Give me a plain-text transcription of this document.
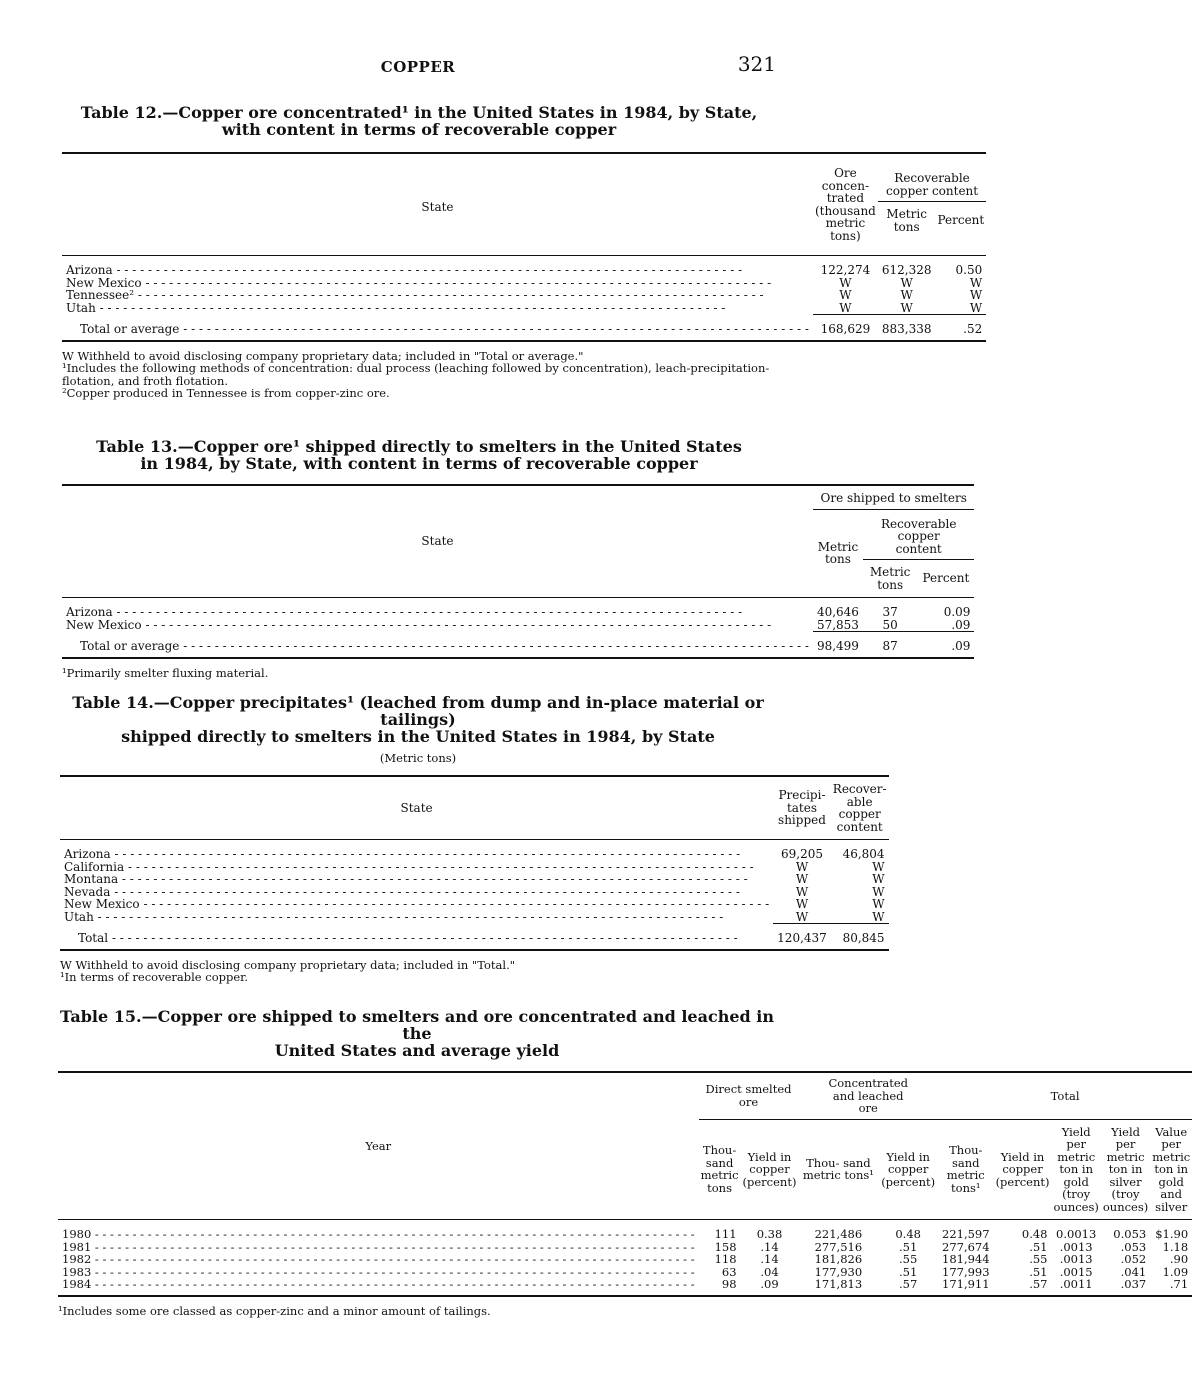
COPPER	321
Table 12.—Copper ore concentrated¹ in the United States in 1984, by State,
with content in terms of recoverable copper
State	Ore concen- trated (thousand metric tons)	Recoverable copper content	
		Metric tons	Percent

Arizona - - -	122,274	612,328	0.50

New Mexico - - -	W	W	W

Tennessee² - - -	W	W	W

Utah - - -	W	W	W

Total or average - - -	168,629	883,338	.52

W Withheld to avoid disclosing company proprietary data; included in "Total or average."

¹Includes the following methods of concentration: dual process (leaching followed by concentration), leach-precipitation-flotation, and froth flotation.

²Copper produced in Tennessee is from copper-zinc ore.

Table 13.—Copper ore¹ shipped directly to smelters in the United States
in 1984, by State, with content in terms of recoverable copper
State	Ore shipped to smelters		
	Metric tons	Recoverable copper content	
		Metric tons	Percent

Arizona - - -	40,646	37	0.09

New Mexico - - -	57,853	50	.09

Total or average - - -	98,499	87	.09

¹Primarily smelter fluxing material.

Table 14.—Copper precipitates¹ (leached from dump and in-place material or tailings)
shipped directly to smelters in the United States in 1984, by State
(Metric tons)
State	Precipi- tates shipped	Recover- able copper content

Arizona - - -	69,205	46,804

California - - -	W	W

Montana - - -	W	W

Nevada - - -	W	W

New Mexico - - -	W	W

Utah - - -	W	W

Total - - -	120,437	80,845

W Withheld to avoid disclosing company proprietary data; included in "Total."

¹In terms of recoverable copper.

Table 15.—Copper ore shipped to smelters and ore concentrated and leached in the
United States and average yield
Year	Direct smelted ore		Concentrated and leached ore		Total				
	Thou- sand metric tons	Yield in copper (percent)	Thou- sand metric tons¹	Yield in copper (percent)	Thou- sand metric tons¹	Yield in copper (percent)	Yield per metric ton in gold (troy ounces)	Yield per metric ton in silver (troy ounces)	Value per metric ton in gold and silver

1980 - - -	111	0.38	221,486	0.48	221,597	0.48	0.0013	0.053	$1.90

1981 - - -	158	.14	277,516	.51	277,674	.51	.0013	.053	1.18

1982 - - -	118	.14	181,826	.55	181,944	.55	.0013	.052	.90

1983 - - -	63	.04	177,930	.51	177,993	.51	.0015	.041	1.09

1984 - - -	98	.09	171,813	.57	171,911	.57	.0011	.037	.71

¹Includes some ore classed as copper-zinc and a minor amount of tailings.
